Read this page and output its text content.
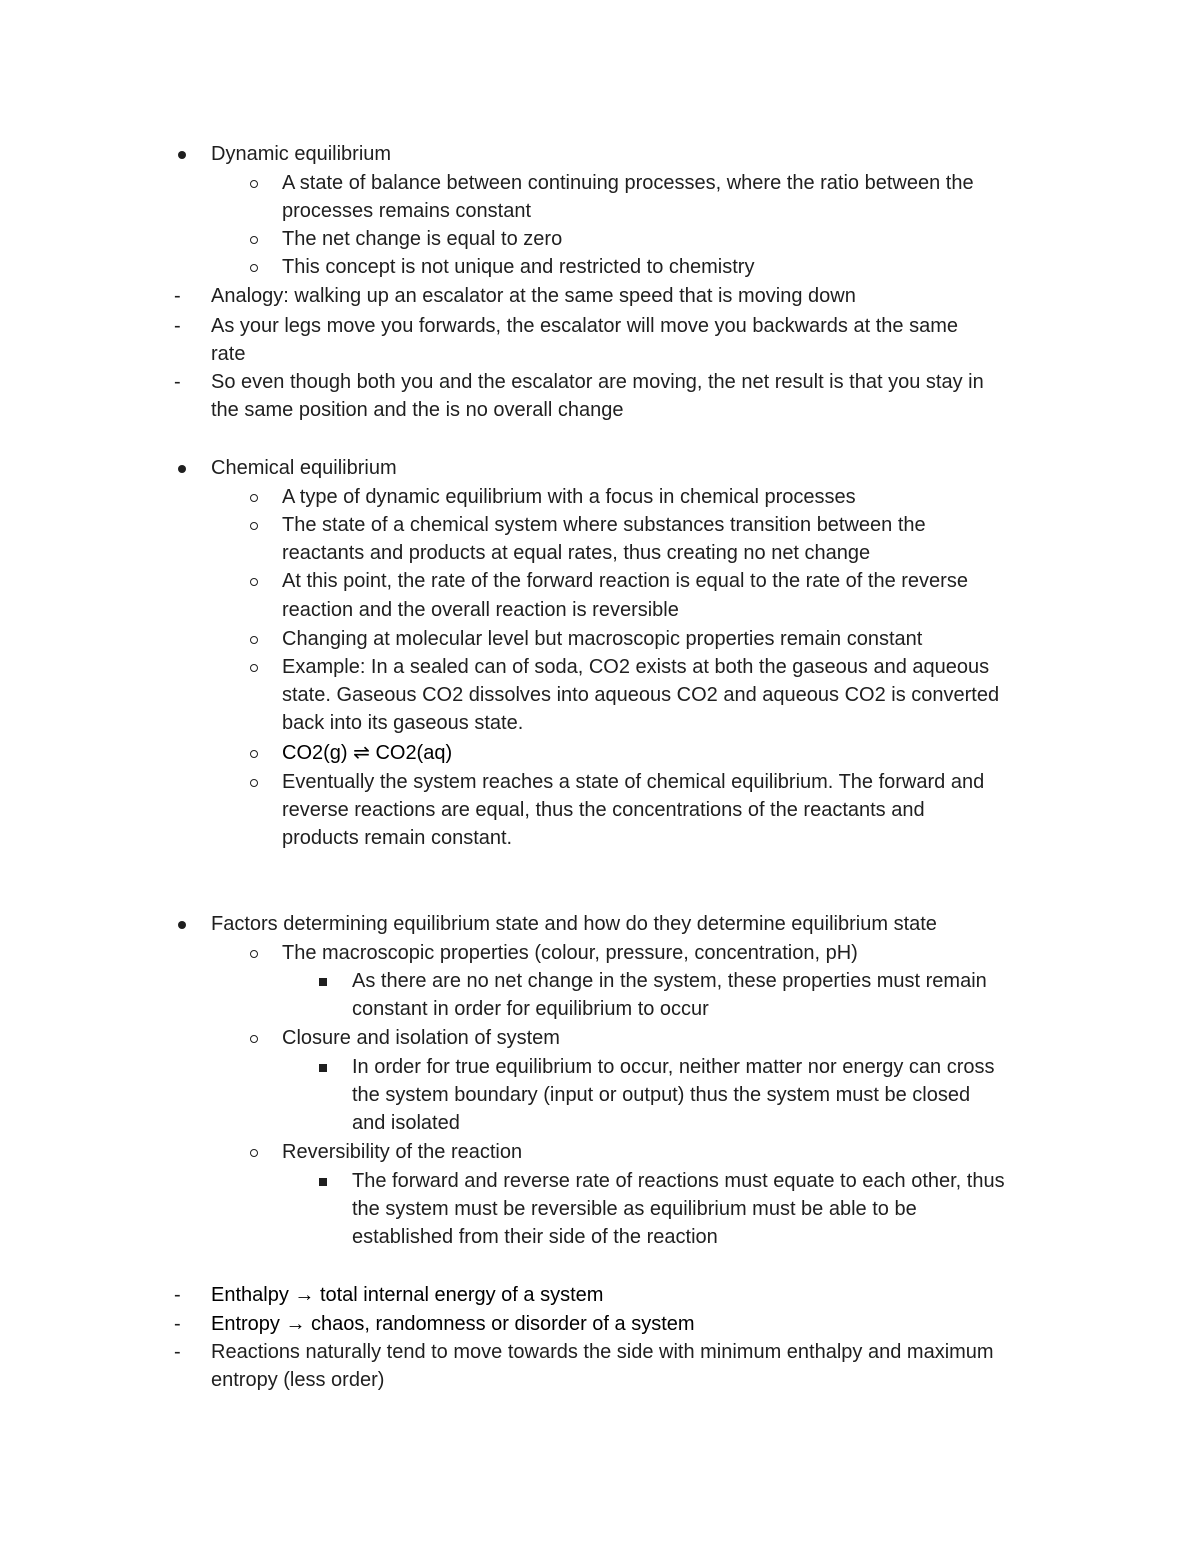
Dynamic equilibrium
A state of balance between continuing processes, where the ratio between the
processes remains constant
The net change is equal to zero
This concept is not unique and restricted to chemistry
- Analogy: walking up an escalator at the same speed that is moving down
- As your legs move you forwards, the escalator will move you backwards at the same
rate
- So even though both you and the escalator are moving, the net result is that you stay in
the same position and the is no overall change
Chemical equilibrium
A type of dynamic equilibrium with a focus in chemical processes
The state of a chemical system where substances transition between the
reactants and products at equal rates, thus creating no net change
At this point, the rate of the forward reaction is equal to the rate of the reverse
reaction and the overall reaction is reversible
Changing at molecular level but macroscopic properties remain constant
Example: In a sealed can of soda, CO2 exists at both the gaseous and aqueous
state. Gaseous CO2 dissolves into aqueous CO2 and aqueous CO2 is converted
back into its gaseous state.
CO2(g) ⇌ CO2(aq)
Eventually the system reaches a state of chemical equilibrium. The forward and
reverse reactions are equal, thus the concentrations of the reactants and
products remain constant.
Factors determining equilibrium state and how do they determine equilibrium state
The macroscopic properties (colour, pressure, concentration, pH)
As there are no net change in the system, these properties must remain
constant in order for equilibrium to occur
Closure and isolation of system
In order for true equilibrium to occur, neither matter nor energy can cross
the system boundary (input or output) thus the system must be closed
and isolated
Reversibility of the reaction
The forward and reverse rate of reactions must equate to each other, thus
the system must be reversible as equilibrium must be able to be
established from their side of the reaction
- Enthalpy → total internal energy of a system
- Entropy → chaos, randomness or disorder of a system
- Reactions naturally tend to move towards the side with minimum enthalpy and maximum
entropy (less order)
